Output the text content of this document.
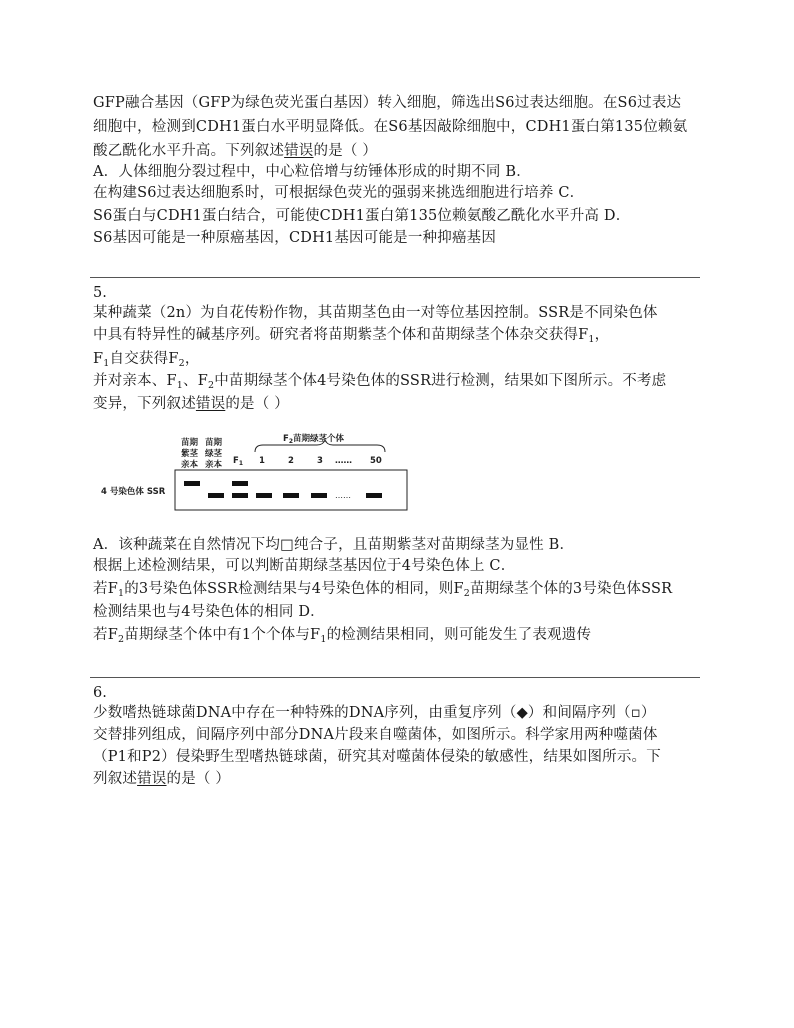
GFP融合基因（GFP为绿色荧光蛋白基因）转入细胞，筛选出S6过表达细胞。在S6过表达
细胞中，检测到CDH1蛋白水平明显降低。在S6基因敲除细胞中，CDH1蛋白第135位赖氨
酸乙酰化水平升高。下列叙述错误的是（ ）
A．人体细胞分裂过程中，中心粒倍增与纺锤体形成的时期不同 B．
在构建S6过表达细胞系时，可根据绿色荧光的强弱来挑选细胞进行培养 C．
S6蛋白与CDH1蛋白结合，可能使CDH1蛋白第135位赖氨酸乙酰化水平升高 D．
S6基因可能是一种原癌基因，CDH1基因可能是一种抑癌基因
5.
某种蔬菜（2n）为自花传粉作物，其苗期茎色由一对等位基因控制。SSR是不同染色体
中具有特异性的碱基序列。研究者将苗期紫茎个体和苗期绿茎个体杂交获得$F_1$，
$F_1$自交获得$F_2$，
并对亲本、$F_1$、$F_2$中苗期绿茎个体4号染色体的SSR进行检测，结果如下图所示。不考虑
变异，下列叙述错误的是（ ）
苗期
紫茎
亲本
苗期
绿茎
亲本 $F_1$
$F_2$苗期绿茎个体
1	2	3 …… 50
4 号染色体 SSR	……
A．该种蔬菜在自然情况下均□纯合子，且苗期紫茎对苗期绿茎为显性 B．
根据上述检测结果，可以判断苗期绿茎基因位于4号染色体上 C．
若$F_1$的3号染色体SSR检测结果与4号染色体的相同，则$F_2$苗期绿茎个体的3号染色体SSR
检测结果也与4号染色体的相同 D．
若$F_2$苗期绿茎个体中有1个个体与$F_1$的检测结果相同，则可能发生了表观遗传
6.
少数嗜热链球菌DNA中存在一种特殊的DNA序列，由重复序列（◆）和间隔序列（▫）
交替排列组成，间隔序列中部分DNA片段来自噬菌体，如图所示。科学家用两种噬菌体
（P1和P2）侵染野生型嗜热链球菌，研究其对噬菌体侵染的敏感性，结果如图所示。下
列叙述错误的是（ ）
